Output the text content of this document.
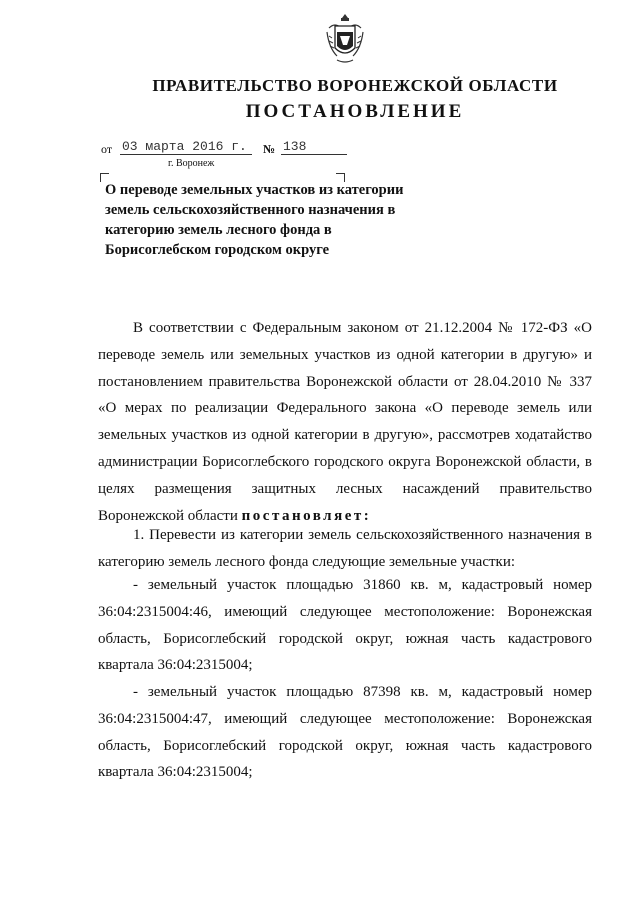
ПРАВИТЕЛЬСТВО ВОРОНЕЖСКОЙ ОБЛАСТИ
ПОСТАНОВЛЕНИЕ
от 03 марта 2016 г.	№ 138
г. Воронеж
О переводе земельных участков из категории земель сельскохозяйственного назначения в категорию земель лесного фонда в Борисоглебском городском округе
В соответствии с Федеральным законом от 21.12.2004 № 172-ФЗ «О переводе земель или земельных участков из одной категории в другую» и постановлением правительства Воронежской области от 28.04.2010 № 337 «О мерах по реализации Федерального закона «О переводе земель или земельных участков из одной категории в другую», рассмотрев ходатайство администрации Борисоглебского городского округа Воронежской области, в целях размещения защитных лесных насаждений правительство Воронежской области постановляет:
1. Перевести из категории земель сельскохозяйственного назначения в категорию земель лесного фонда следующие земельные участки:
- земельный участок площадью 31860 кв. м, кадастровый номер 36:04:2315004:46, имеющий следующее местоположение: Воронежская область, Борисоглебский городской округ, южная часть кадастрового квартала 36:04:2315004;
- земельный участок площадью 87398 кв. м, кадастровый номер 36:04:2315004:47, имеющий следующее местоположение: Воронежская область, Борисоглебский городской округ, южная часть кадастрового квартала 36:04:2315004;
